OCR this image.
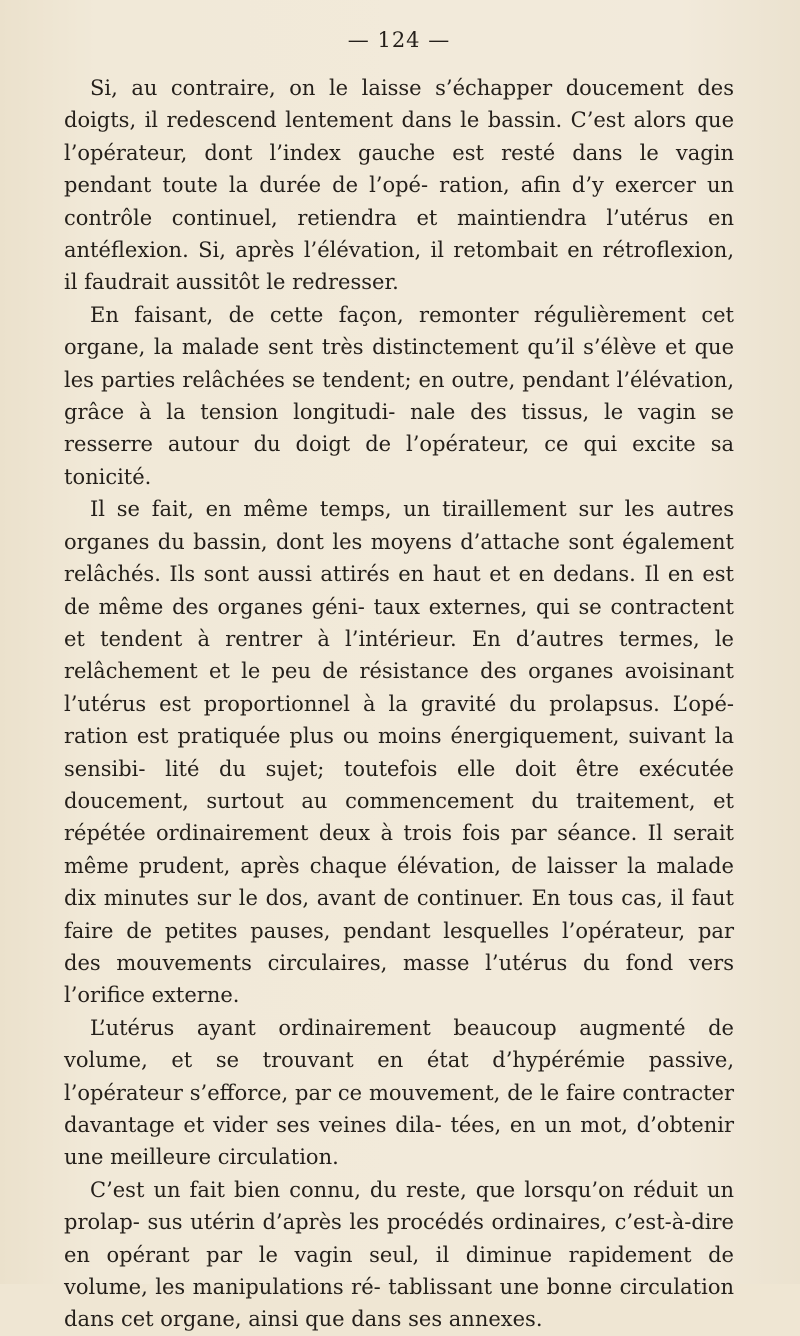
— 124 —

Si, au contraire, on le laisse s’échapper doucement des doigts, il redescend lentement dans le bassin. C’est alors que l’opérateur, dont l’index gauche est resté dans le vagin pendant toute la durée de l’opé- ration, afin d’y exercer un contrôle continuel, retiendra et maintiendra l’utérus en antéflexion. Si, après l’élévation, il retombait en rétroflexion, il faudrait aussitôt le redresser.

En faisant, de cette façon, remonter régulièrement cet organe, la malade sent très distinctement qu’il s’élève et que les parties relâchées se tendent; en outre, pendant l’élévation, grâce à la tension longitudi- nale des tissus, le vagin se resserre autour du doigt de l’opérateur, ce qui excite sa tonicité.

Il se fait, en même temps, un tiraillement sur les autres organes du bassin, dont les moyens d’attache sont également relâchés. Ils sont aussi attirés en haut et en dedans. Il en est de même des organes géni- taux externes, qui se contractent et tendent à rentrer à l’intérieur. En d’autres termes, le relâchement et le peu de résistance des organes avoisinant l’utérus est proportionnel à la gravité du prolapsus. L’opé- ration est pratiquée plus ou moins énergiquement, suivant la sensibi- lité du sujet; toutefois elle doit être exécutée doucement, surtout au commencement du traitement, et répétée ordinairement deux à trois fois par séance. Il serait même prudent, après chaque élévation, de laisser la malade dix minutes sur le dos, avant de continuer. En tous cas, il faut faire de petites pauses, pendant lesquelles l’opérateur, par des mouvements circulaires, masse l’utérus du fond vers l’orifice externe.

L’utérus ayant ordinairement beaucoup augmenté de volume, et se trouvant en état d’hypérémie passive, l’opérateur s’efforce, par ce mouvement, de le faire contracter davantage et vider ses veines dila- tées, en un mot, d’obtenir une meilleure circulation.

C’est un fait bien connu, du reste, que lorsqu’on réduit un prolap- sus utérin d’après les procédés ordinaires, c’est-à-dire en opérant par le vagin seul, il diminue rapidement de volume, les manipulations ré- tablissant une bonne circulation dans cet organe, ainsi que dans ses annexes.
